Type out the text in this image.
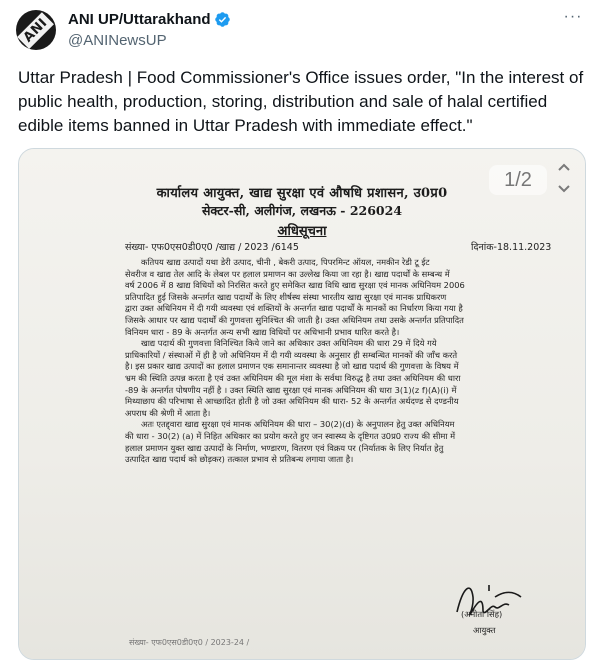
ANI ANI UP/Uttarakhand
@ANINewsUP
···
Uttar Pradesh | Food Commissioner's Office issues order, "In the interest of public health, production, storing, distribution and sale of halal certified edible items banned in Uttar Pradesh with immediate effect."
कार्यालय आयुक्त, खाद्य सुरक्षा एवं औषधि प्रशासन, उ0प्र0
सेक्टर-सी, अलीगंज, लखनऊ - 226024
अधिसूचना
संख्या- एफ0एस0डी0ए0 /खाद्य / 2023 /6145	दिनांक-18.11.2023
कतिपय खाद्य उत्पादों यथा डेरी उत्पाद, चीनी , बेकरी उत्पाद, पिपरमिन्ट ऑयल, नमकीन रेडी टू ईट
सेवरीज व खाद्य तेल आदि के लेबल पर हलाल प्रमाणन का उल्लेख किया जा रहा है। खाद्य पदार्थों के सम्बन्ध में
वर्ष 2006 में 8 खाद्य विधियों को निरसित करते हुए समेकित खाद्य विधि खाद्य सुरक्षा एवं मानक अधिनियम 2006
प्रतिपादित हुई जिसके अन्तर्गत खाद्य पदार्थों के लिए शीर्षस्थ संस्था भारतीय खाद्य सुरक्षा एवं मानक प्राधिकरण
द्वारा उक्त अधिनियम में दी गयी व्यवस्था एवं शक्तियों के अन्तर्गत खाद्य पदार्थों के मानकों का निर्धारण किया गया है
जिसके आधार पर खाद्य पदार्थों की गुणवत्ता सुनिश्चित की जाती है। उक्त अधिनियम तथा उसके अन्तर्गत प्रतिपादित
विनियम धारा - 89 के अन्तर्गत अन्य सभी खाद्य विधियों पर अधिभानी प्रभाव धारित करते है।
खाद्य पदार्थ की गुणवत्ता विनिश्चित किये जाने का अधिकार उक्त अधिनियम की धारा 29 में दिये गये
प्राधिकारियों / संस्थाओं में ही है जो अधिनियम में दी गयी व्यवस्था के अनुसार ही सम्बन्धित मानकों की जाँच करते
है। इस प्रकार खाद्य उत्पादों का हलाल प्रमाणन एक समानान्तर व्यवस्था है जो खाद्य पदार्थ की गुणवत्ता के विषय में
भ्रम की स्थिति उत्पन्न करता है एवं उक्त अधिनियम की मूल मंशा के सर्वथा विरुद्ध है तथा उक्त अधिनियम की धारा
-89 के अन्तर्गत पोषणीय नहीं है । उक्त स्थिति खाद्य सुरक्षा एवं मानक अधिनियम की धारा 3(1)(z f)(A)(i) में
मिथ्याछाप की परिभाषा से आच्छादित होती है जो उक्त अधिनियम की धारा- 52 के अन्तर्गत अर्थदण्ड से दण्डनीय
अपराध की श्रेणी में आता है।
अतः एतद्द्वारा खाद्य सुरक्षा एवं मानक अधिनियम की धारा – 30(2)(d) के अनुपालन हेतु उक्त अधिनियम
की धारा - 30(2) (a) में निहित अधिकार का प्रयोग करते हुए जन स्वास्थ्य के दृष्टिगत उ0प्र0 राज्य की सीमा में
हलाल प्रमाणन युक्त खाद्य उत्पादों के निर्माण, भण्डारण, वितरण एवं विक्रय पर (निर्यातक के लिए निर्यात हेतु
उत्पादित खाद्य पदार्थ को छोड़कर) तत्काल प्रभाव से प्रतिबन्ध लगाया जाता है।
(अनीता सिंह)
आयुक्त
संख्या- एफ0एस0डी0ए0 / 2023-24 /
1/2
